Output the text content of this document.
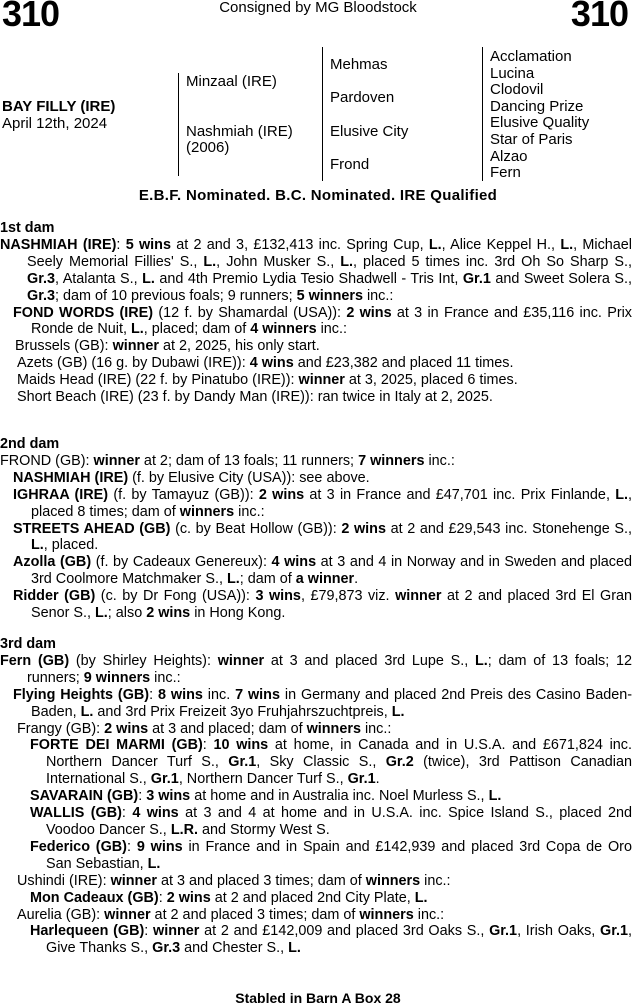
310	Consigned by MG Bloodstock	310
BAY FILLY (IRE)
April 12th, 2024
Minzaal (IRE)
Nashmiah (IRE)
(2006)
Mehmas
Pardoven
Elusive City
Frond
Acclamation
Lucina
Clodovil
Dancing Prize
Elusive Quality
Star of Paris
Alzao
Fern
E.B.F. Nominated. B.C. Nominated. IRE Qualified
1st dam
NASHMIAH (IRE): 5 wins at 2 and 3, £132,413 inc. Spring Cup, L., Alice Keppel H., L., Michael Seely Memorial Fillies' S., L., John Musker S., L., placed 5 times inc. 3rd Oh So Sharp S., Gr.3, Atalanta S., L. and 4th Premio Lydia Tesio Shadwell - Tris Int, Gr.1 and Sweet Solera S., Gr.3; dam of 10 previous foals; 9 runners; 5 winners inc.:
FOND WORDS (IRE) (12 f. by Shamardal (USA)): 2 wins at 3 in France and £35,116 inc. Prix Ronde de Nuit, L., placed; dam of 4 winners inc.:
Brussels (GB): winner at 2, 2025, his only start.
Azets (GB) (16 g. by Dubawi (IRE)): 4 wins and £23,382 and placed 11 times.
Maids Head (IRE) (22 f. by Pinatubo (IRE)): winner at 3, 2025, placed 6 times.
Short Beach (IRE) (23 f. by Dandy Man (IRE)): ran twice in Italy at 2, 2025.
2nd dam
FROND (GB): winner at 2; dam of 13 foals; 11 runners; 7 winners inc.:
NASHMIAH (IRE) (f. by Elusive City (USA)): see above.
IGHRAA (IRE) (f. by Tamayuz (GB)): 2 wins at 3 in France and £47,701 inc. Prix Finlande, L., placed 8 times; dam of winners inc.:
STREETS AHEAD (GB) (c. by Beat Hollow (GB)): 2 wins at 2 and £29,543 inc. Stonehenge S., L., placed.
Azolla (GB) (f. by Cadeaux Genereux): 4 wins at 3 and 4 in Norway and in Sweden and placed 3rd Coolmore Matchmaker S., L.; dam of a winner.
Ridder (GB) (c. by Dr Fong (USA)): 3 wins, £79,873 viz. winner at 2 and placed 3rd El Gran Senor S., L.; also 2 wins in Hong Kong.
3rd dam
Fern (GB) (by Shirley Heights): winner at 3 and placed 3rd Lupe S., L.; dam of 13 foals; 12 runners; 9 winners inc.:
Flying Heights (GB): 8 wins inc. 7 wins in Germany and placed 2nd Preis des Casino Baden-Baden, L. and 3rd Prix Freizeit 3yo Fruhjahrszuchtpreis, L.
Frangy (GB): 2 wins at 3 and placed; dam of winners inc.:
FORTE DEI MARMI (GB): 10 wins at home, in Canada and in U.S.A. and £671,824 inc. Northern Dancer Turf S., Gr.1, Sky Classic S., Gr.2 (twice), 3rd Pattison Canadian International S., Gr.1, Northern Dancer Turf S., Gr.1.
SAVARAIN (GB): 3 wins at home and in Australia inc. Noel Murless S., L.
WALLIS (GB): 4 wins at 3 and 4 at home and in U.S.A. inc. Spice Island S., placed 2nd Voodoo Dancer S., L.R. and Stormy West S.
Federico (GB): 9 wins in France and in Spain and £142,939 and placed 3rd Copa de Oro San Sebastian, L.
Ushindi (IRE): winner at 3 and placed 3 times; dam of winners inc.:
Mon Cadeaux (GB): 2 wins at 2 and placed 2nd City Plate, L.
Aurelia (GB): winner at 2 and placed 3 times; dam of winners inc.:
Harlequeen (GB): winner at 2 and £142,009 and placed 3rd Oaks S., Gr.1, Irish Oaks, Gr.1, Give Thanks S., Gr.3 and Chester S., L.
Stabled in Barn A Box 28
